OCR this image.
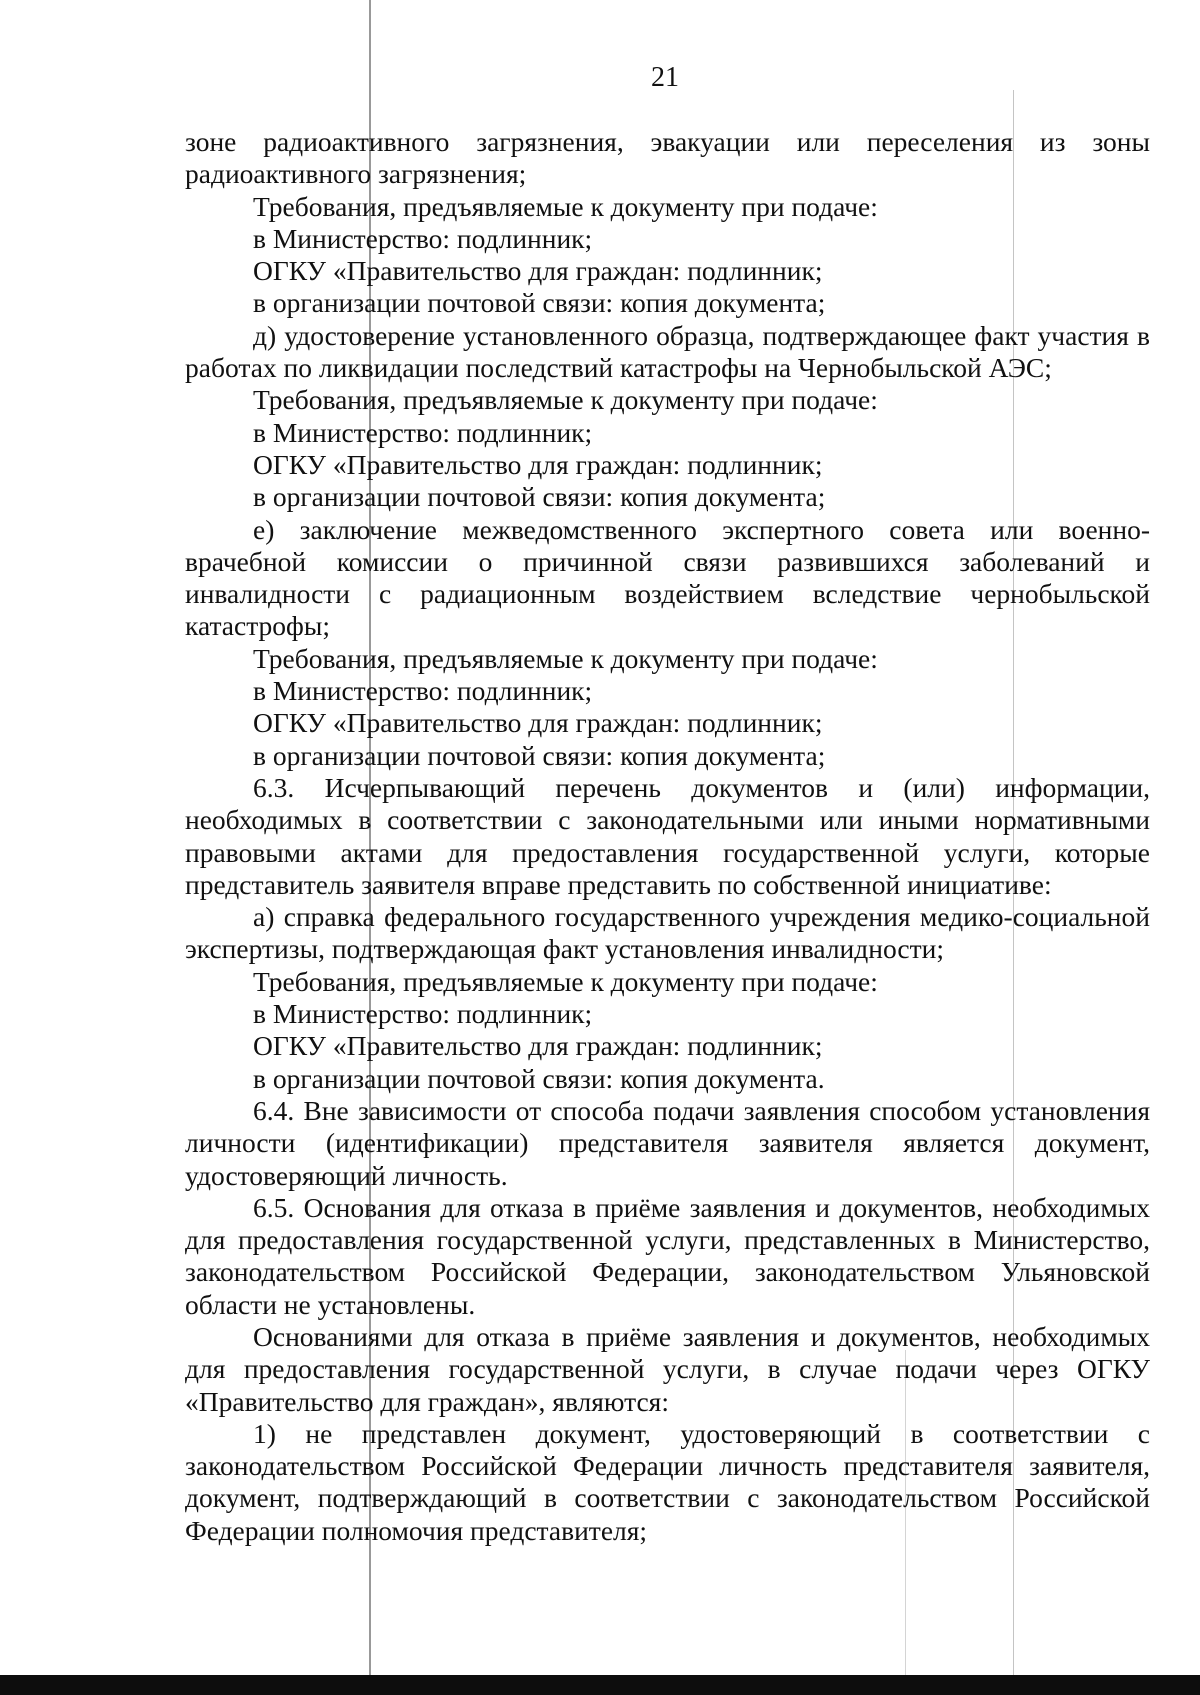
21

зоне радиоактивного загрязнения, эвакуации или переселения из зоны радиоактивного загрязнения;

Требования, предъявляемые к документу при подаче:

в Министерство: подлинник;

ОГКУ «Правительство для граждан: подлинник;

в организации почтовой связи: копия документа;

д) удостоверение установленного образца, подтверждающее факт участия в работах по ликвидации последствий катастрофы на Чернобыльской АЭС;

Требования, предъявляемые к документу при подаче:

в Министерство: подлинник;

ОГКУ «Правительство для граждан: подлинник;

в организации почтовой связи: копия документа;

е) заключение межведомственного экспертного совета или военно-врачебной комиссии о причинной связи развившихся заболеваний и инвалидности с радиационным воздействием вследствие чернобыльской катастрофы;

Требования, предъявляемые к документу при подаче:

в Министерство: подлинник;

ОГКУ «Правительство для граждан: подлинник;

в организации почтовой связи: копия документа;

6.3. Исчерпывающий перечень документов и (или) информации, необходимых в соответствии с законодательными или иными нормативными правовыми актами для предоставления государственной услуги, которые представитель заявителя вправе представить по собственной инициативе:

а) справка федерального государственного учреждения медико-социальной экспертизы, подтверждающая факт установления инвалидности;

Требования, предъявляемые к документу при подаче:

в Министерство: подлинник;

ОГКУ «Правительство для граждан: подлинник;

в организации почтовой связи: копия документа.

6.4. Вне зависимости от способа подачи заявления способом установления личности (идентификации) представителя заявителя является документ, удостоверяющий личность.

6.5. Основания для отказа в приёме заявления и документов, необходимых для предоставления государственной услуги, представленных в Министерство, законодательством Российской Федерации, законодательством Ульяновской области не установлены.

Основаниями для отказа в приёме заявления и документов, необходимых для предоставления государственной услуги, в случае подачи через ОГКУ «Правительство для граждан», являются:

1) не представлен документ, удостоверяющий в соответствии с законодательством Российской Федерации личность представителя заявителя, документ, подтверждающий в соответствии с законодательством Российской Федерации полномочия представителя;
